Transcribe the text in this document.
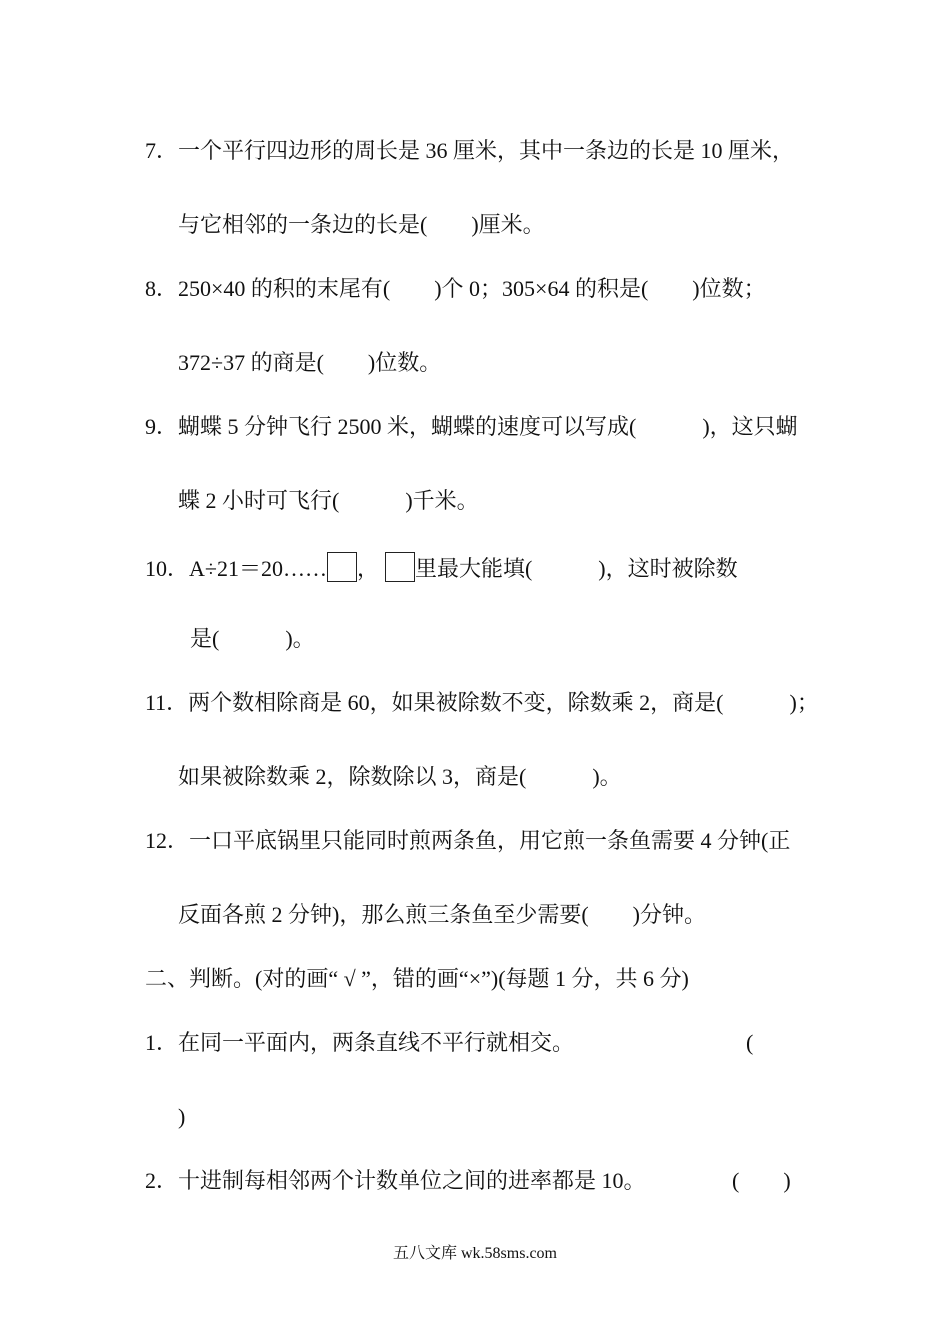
7．一个平行四边形的周长是 36 厘米，其中一条边的长是 10 厘米，
与它相邻的一条边的长是(　　)厘米。
8．250×40 的积的末尾有(　　)个 0；305×64 的积是(　　)位数；
372÷37 的商是(　　)位数。
9．蝴蝶 5 分钟飞行 2500 米，蝴蝶的速度可以写成(　　　)，这只蝴
蝶 2 小时可飞行(　　　)千米。
10．A÷21＝20…… ， 里最大能填(　　　)，这时被除数
是(　　　)。
11．两个数相除商是 60，如果被除数不变，除数乘 2，商是(　　　)；
如果被除数乘 2，除数除以 3，商是(　　　)。
12．一口平底锅里只能同时煎两条鱼，用它煎一条鱼需要 4 分钟(正
反面各煎 2 分钟)，那么煎三条鱼至少需要(　　)分钟。
二、判断。(对的画“ √ ”，错的画“×”)(每题 1 分，共 6 分)
1．在同一平面内，两条直线不平行就相交。	(
)
2．十进制每相邻两个计数单位之间的进率都是 10。	(　　)
五八文库 wk.58sms.com
